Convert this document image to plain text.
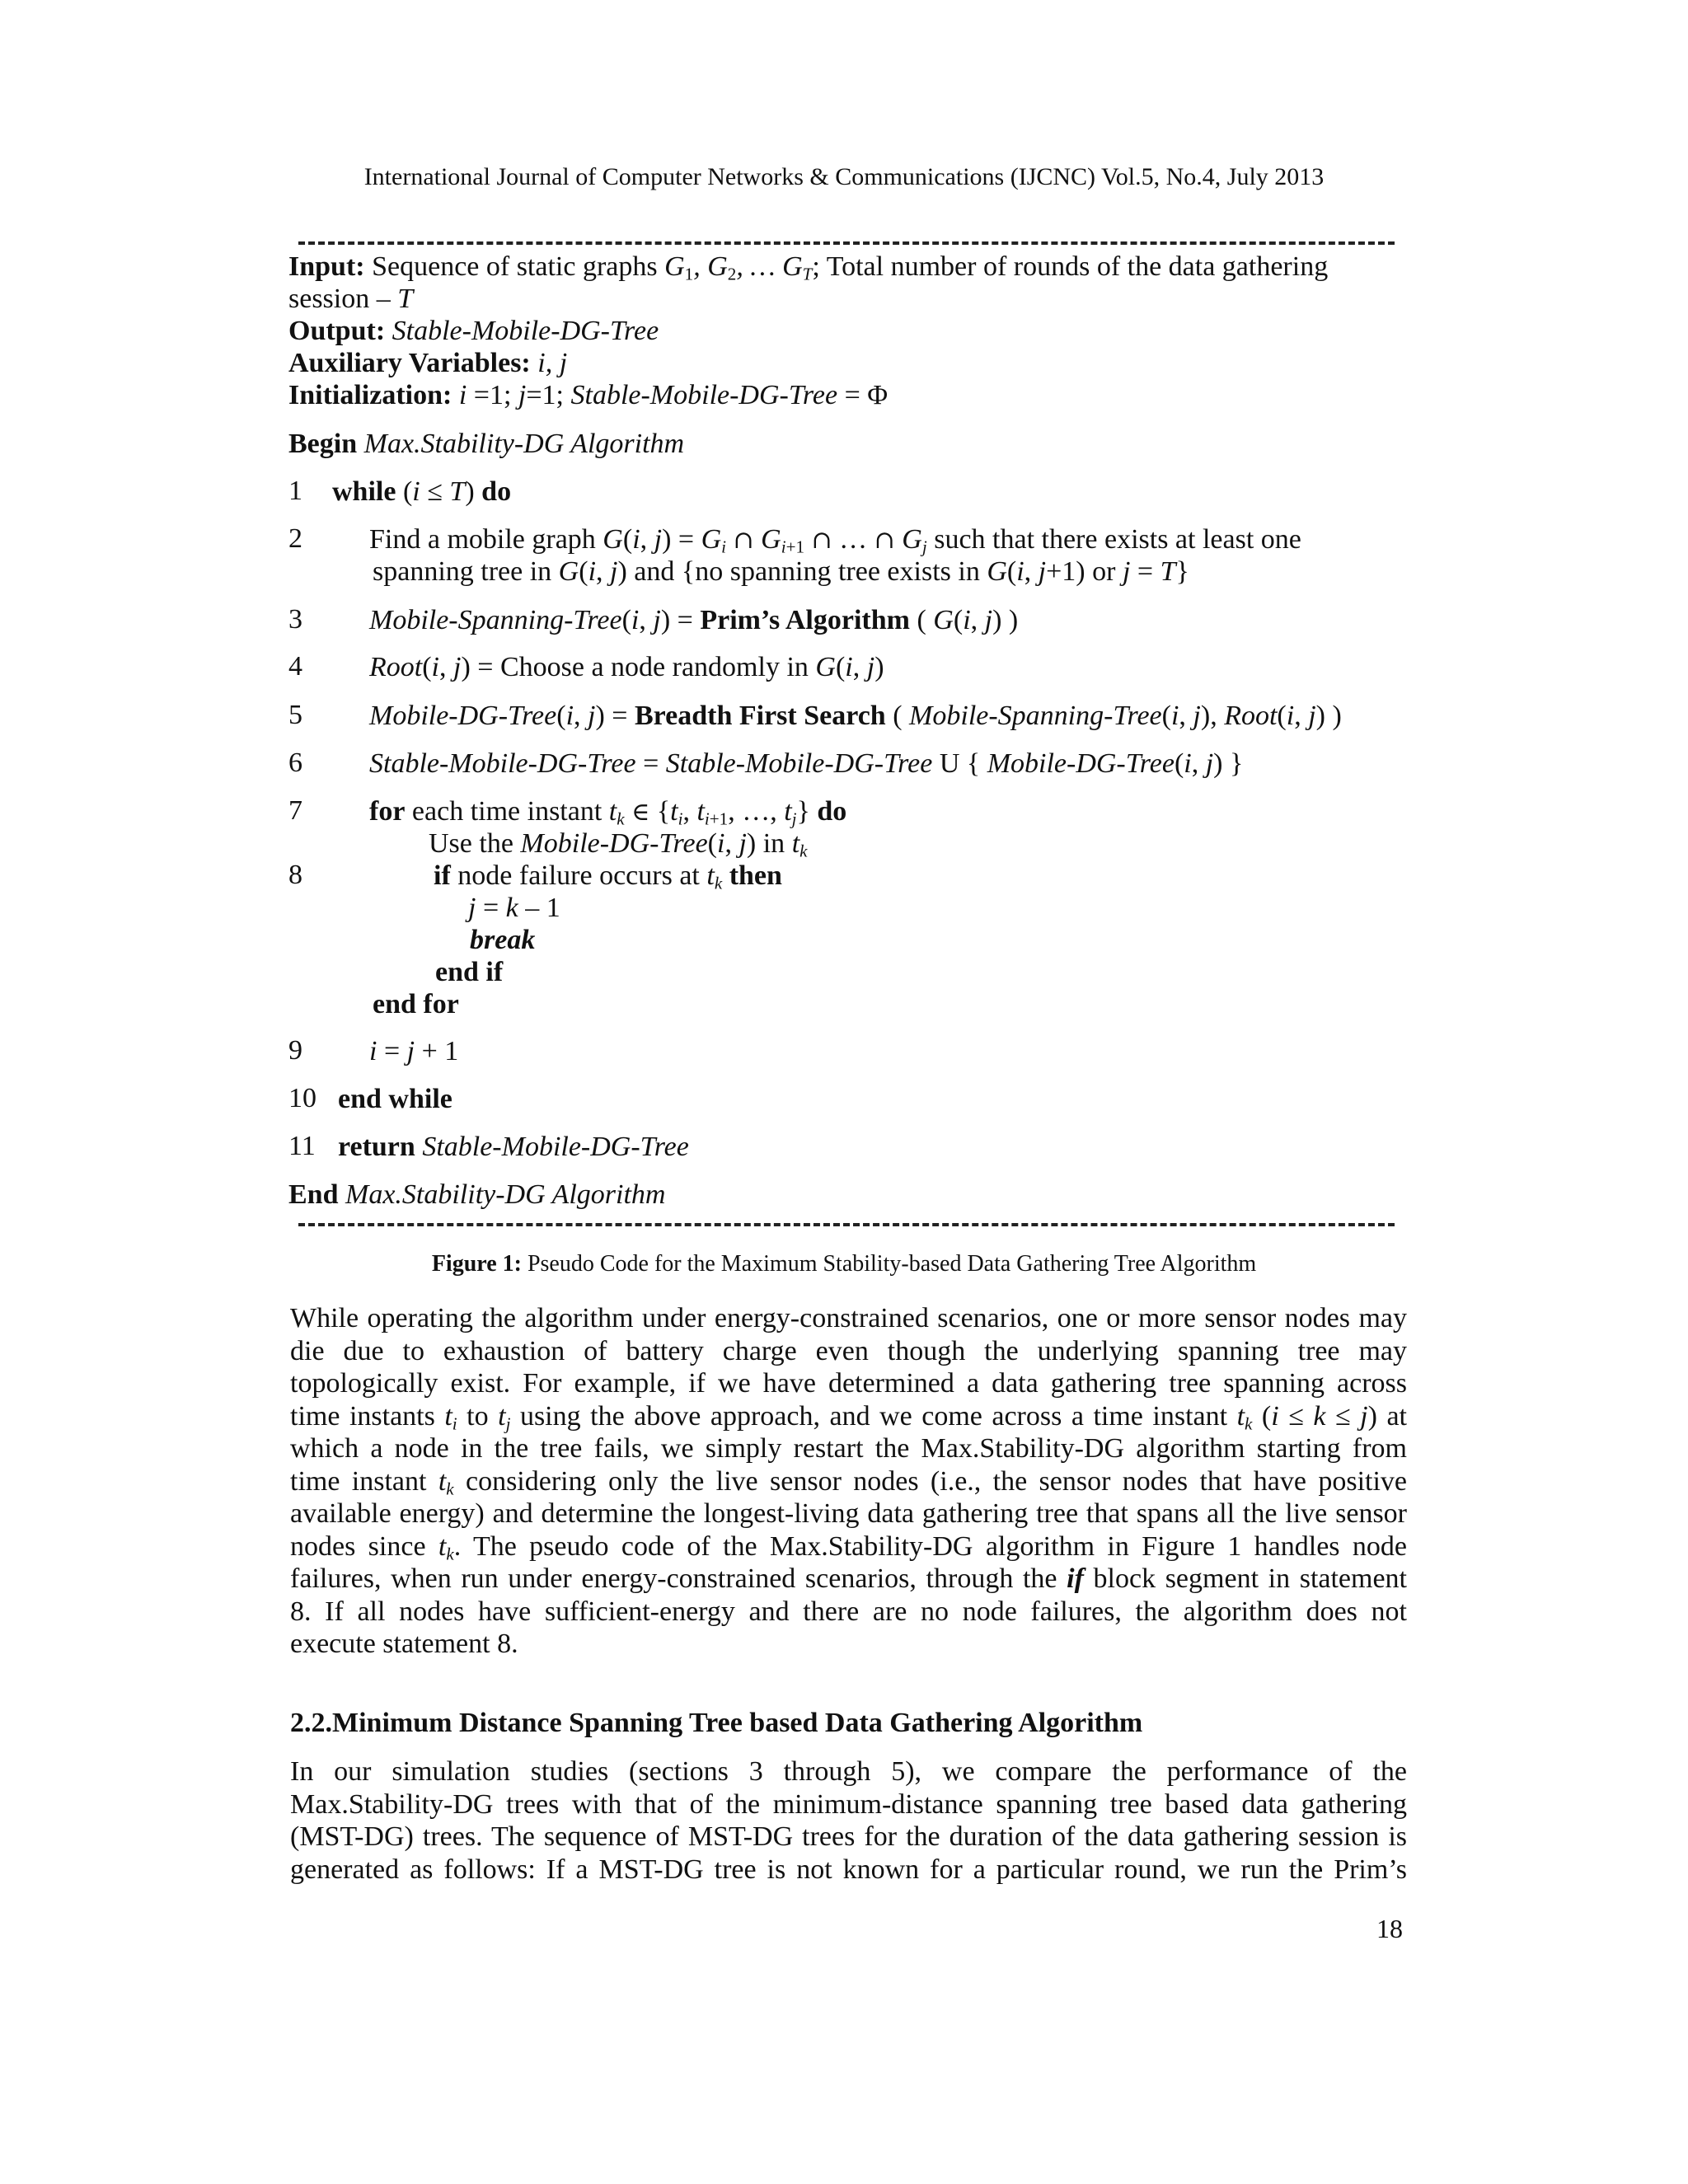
International Journal of Computer Networks & Communications (IJCNC) Vol.5, No.4, July 2013
Input: Sequence of static graphs $G_1$, $G_2$, … $G_T$; Total number of rounds of the data gathering
session – T
Output: Stable-Mobile-DG-Tree
Auxiliary Variables: i, j
Initialization: i =1; j=1; Stable-Mobile-DG-Tree = Φ
Begin Max.Stability-DG Algorithm
1
2
3
4
5
6
7
8
9
10
11
while (i ≤ T) do
Find a mobile graph G(i, $j) = G_i$ ∩ $G_{i+1}$ ∩ … ∩ $G_j$ such that there exists at least one
spanning tree in G(i, j) and {no spanning tree exists in G(i, j+1) or j = T}
Mobile-Spanning-Tree(i, j) = Prim’s Algorithm ( G(i, j) )
Root(i, j) = Choose a node randomly in G(i, j)
Mobile-DG-Tree(i, j) = Breadth First Search ( Mobile-Spanning-Tree(i, j), Root(i, j) )
Stable-Mobile-DG-Tree = Stable-Mobile-DG-Tree U { Mobile-DG-Tree(i, j) }
for each time instant $t_k$ ∈ {$t_i$, $t_{i+1}$, …, $t_j$} do
Use the Mobile-DG-Tree(i, j) in $t_k$
if node failure occurs at $t_k$ then
j = k – 1
break
end if
end for
i = j + 1
end while
return Stable-Mobile-DG-Tree
End Max.Stability-DG Algorithm
Figure 1: Pseudo Code for the Maximum Stability-based Data Gathering Tree Algorithm

While operating the algorithm under energy-constrained scenarios, one or more sensor nodes may

die due to exhaustion of battery charge even though the underlying spanning tree may

topologically exist. For example, if we have determined a data gathering tree spanning across

time instants $t_i$ to $t_j$ using the above approach, and we come across a time instant $t_k$ (i ≤ k ≤ j) at

which a node in the tree fails, we simply restart the Max.Stability-DG algorithm starting from

time instant $t_k$ considering only the live sensor nodes (i.e., the sensor nodes that have positive

available energy) and determine the longest-living data gathering tree that spans all the live sensor

nodes since $t_k$. The pseudo code of the Max.Stability-DG algorithm in Figure 1 handles node

failures, when run under energy-constrained scenarios, through the if block segment in statement

8. If all nodes have sufficient-energy and there are no node failures, the algorithm does not

execute statement 8.

2.2.Minimum Distance Spanning Tree based Data Gathering Algorithm

In our simulation studies (sections 3 through 5), we compare the performance of the

Max.Stability-DG trees with that of the minimum-distance spanning tree based data gathering

(MST-DG) trees. The sequence of MST-DG trees for the duration of the data gathering session is

generated as follows: If a MST-DG tree is not known for a particular round, we run the Prim’s

18
